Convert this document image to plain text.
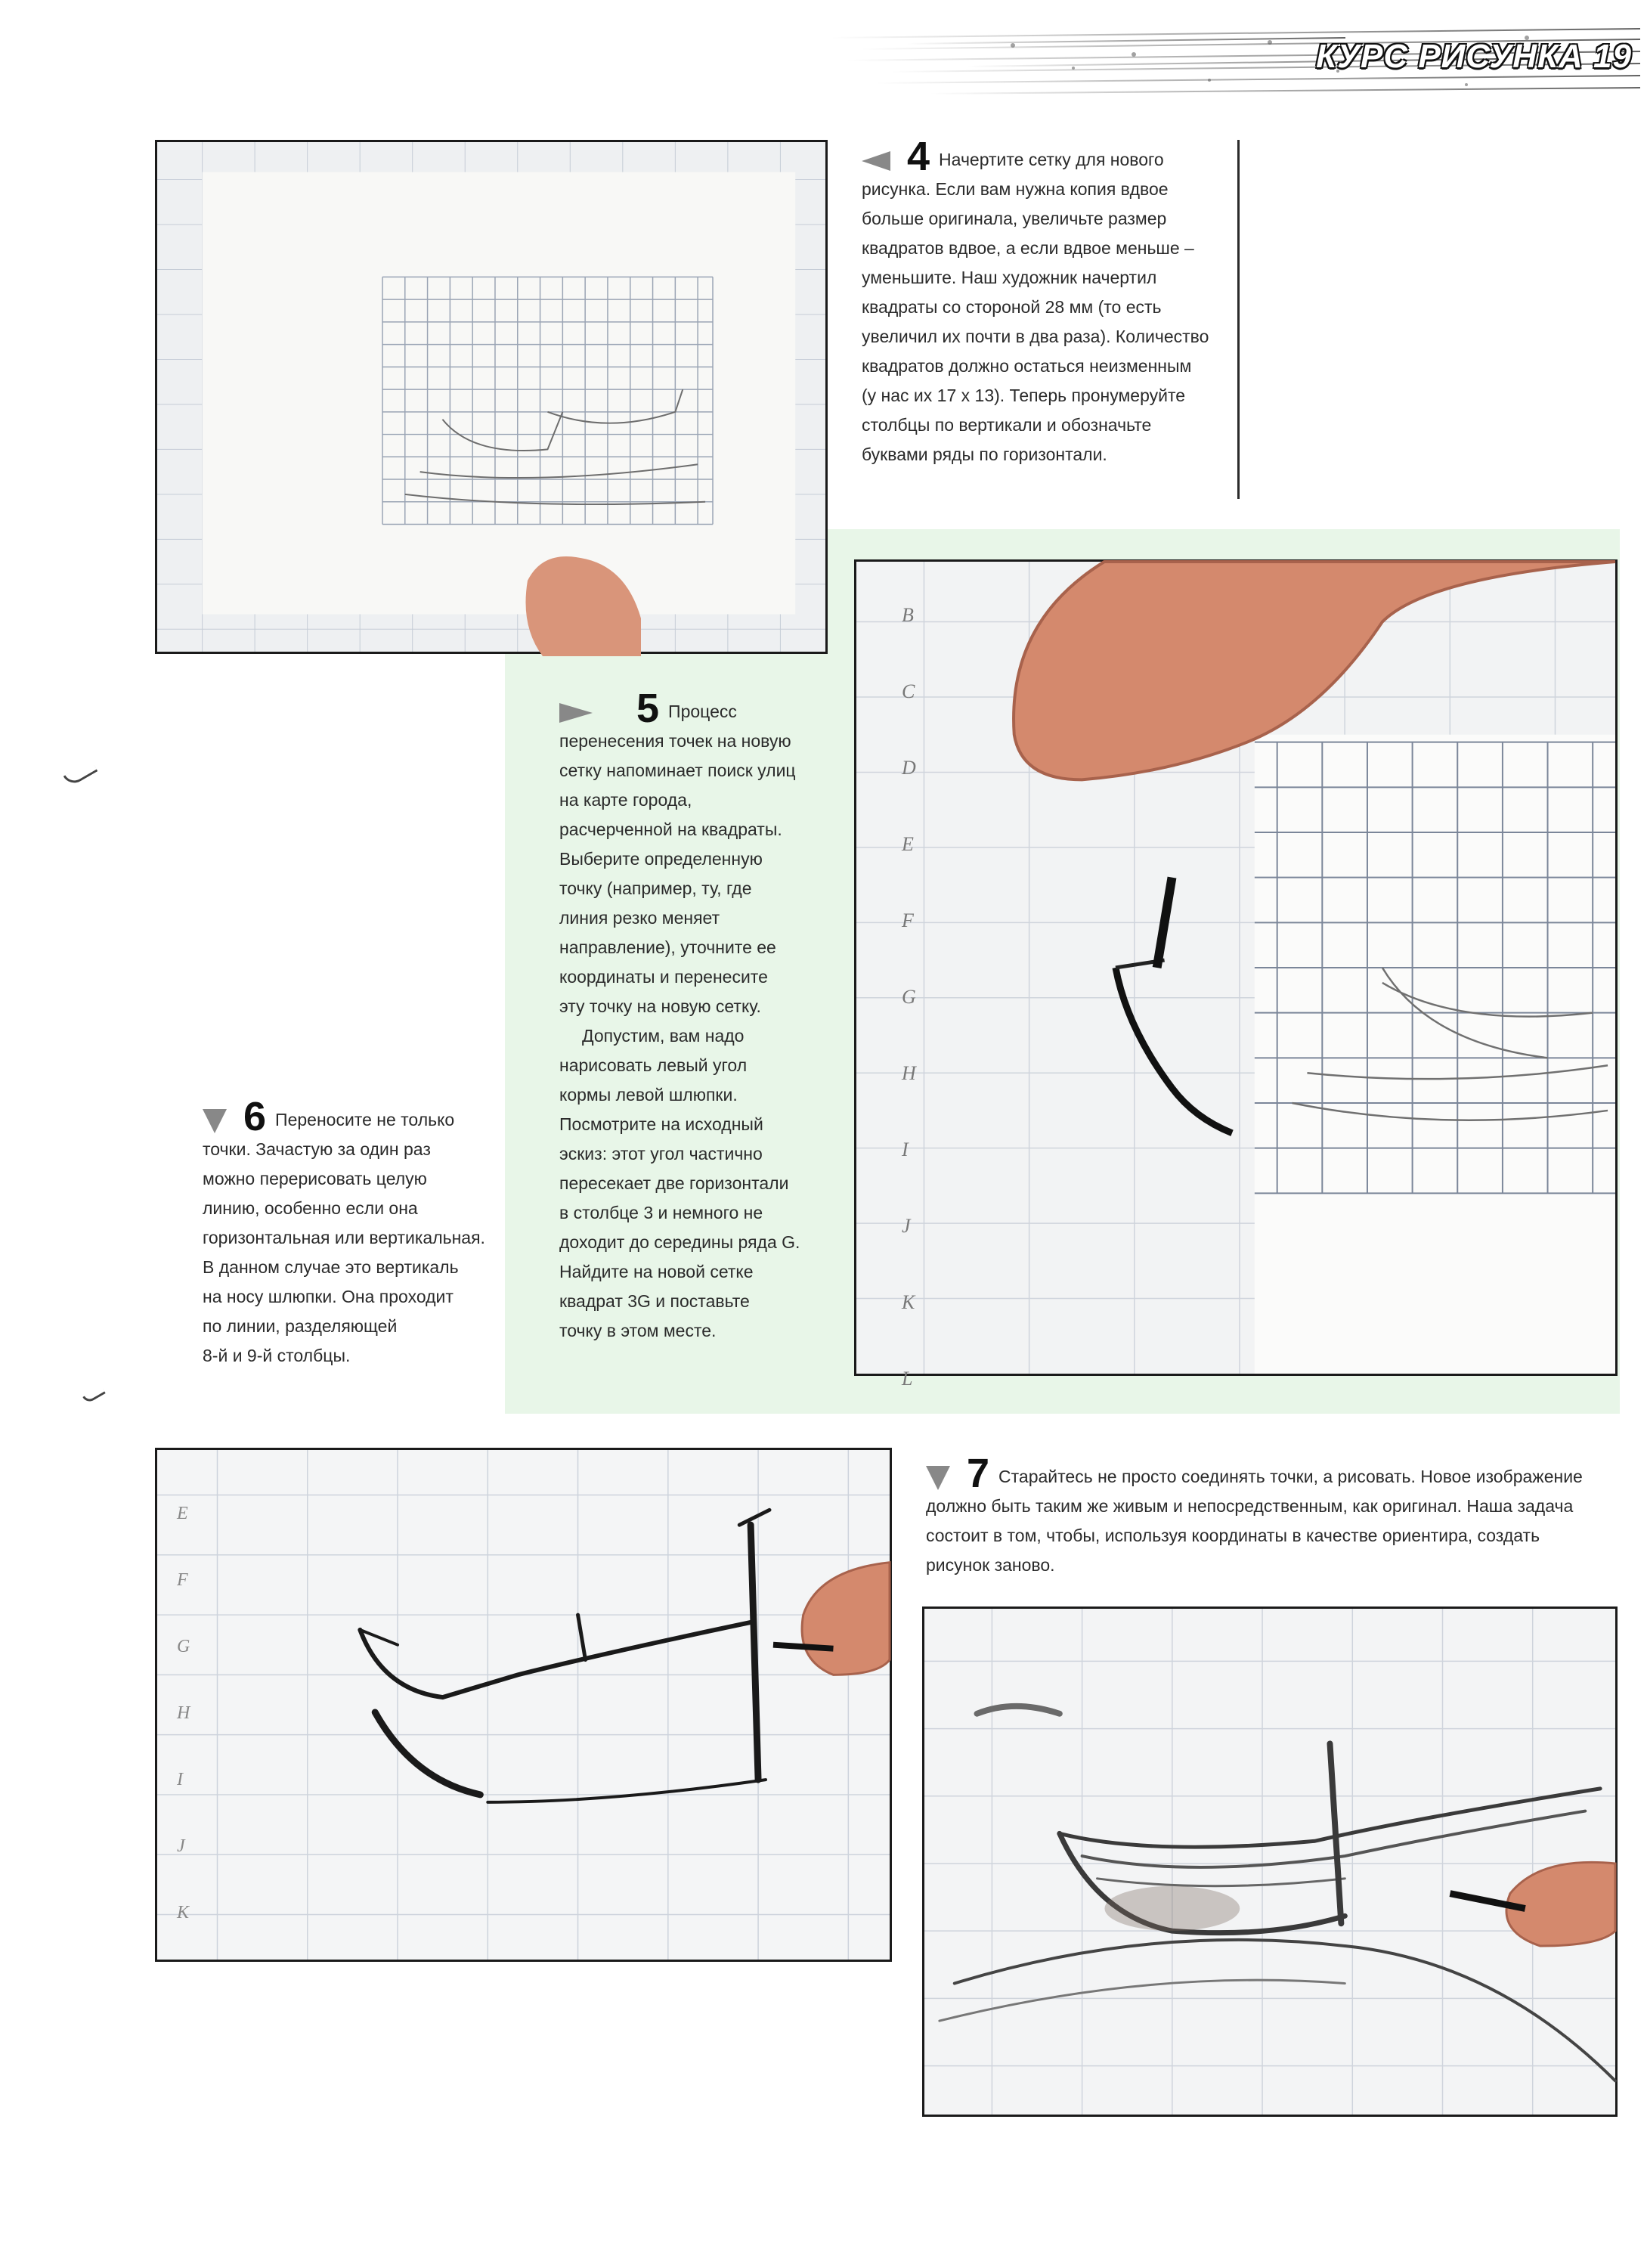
КУРС РИСУНКА 19
4 Начертите сетку для нового
рисунка. Если вам нужна копия вдвое
больше оригинала, увеличьте размер
квадратов вдвое, а если вдвое меньше –
уменьшите. Наш художник начертил
квадраты со стороной 28 мм (то есть
увеличил их почти в два раза). Количество
квадратов должно остаться неизменным
(у нас их 17 x 13). Теперь пронумеруйте
столбцы по вертикали и обозначьте
буквами ряды по горизонтали.
B
C
D
E
F
G
H
I
J
K
L
5 Процесс
перенесения точек на новую
сетку напоминает поиск улиц
на карте города,
расчерченной на квадраты.
Выберите определенную
точку (например, ту, где
линия резко меняет
направление), уточните ее
координаты и перенесите
эту точку на новую сетку.
Допустим, вам надо
нарисовать левый угол
кормы левой шлюпки.
Посмотрите на исходный
эскиз: этот угол частично
пересекает две горизонтали
в столбце 3 и немного не
доходит до середины ряда G.
Найдите на новой сетке
квадрат 3G и поставьте
точку в этом месте.
6 Переносите не только
точки. Зачастую за один раз
можно перерисовать целую
линию, особенно если она
горизонтальная или вертикальная.
В данном случае это вертикаль
на носу шлюпки. Она проходит
по линии, разделяющей
8-й и 9-й столбцы.
E
F
G
H
I
J
K
7 Старайтесь не просто соединять точки, а рисовать. Новое изображение
должно быть таким же живым и непосредственным, как оригинал. Наша задача
состоит в том, чтобы, используя координаты в качестве ориентира, создать
рисунок заново.
